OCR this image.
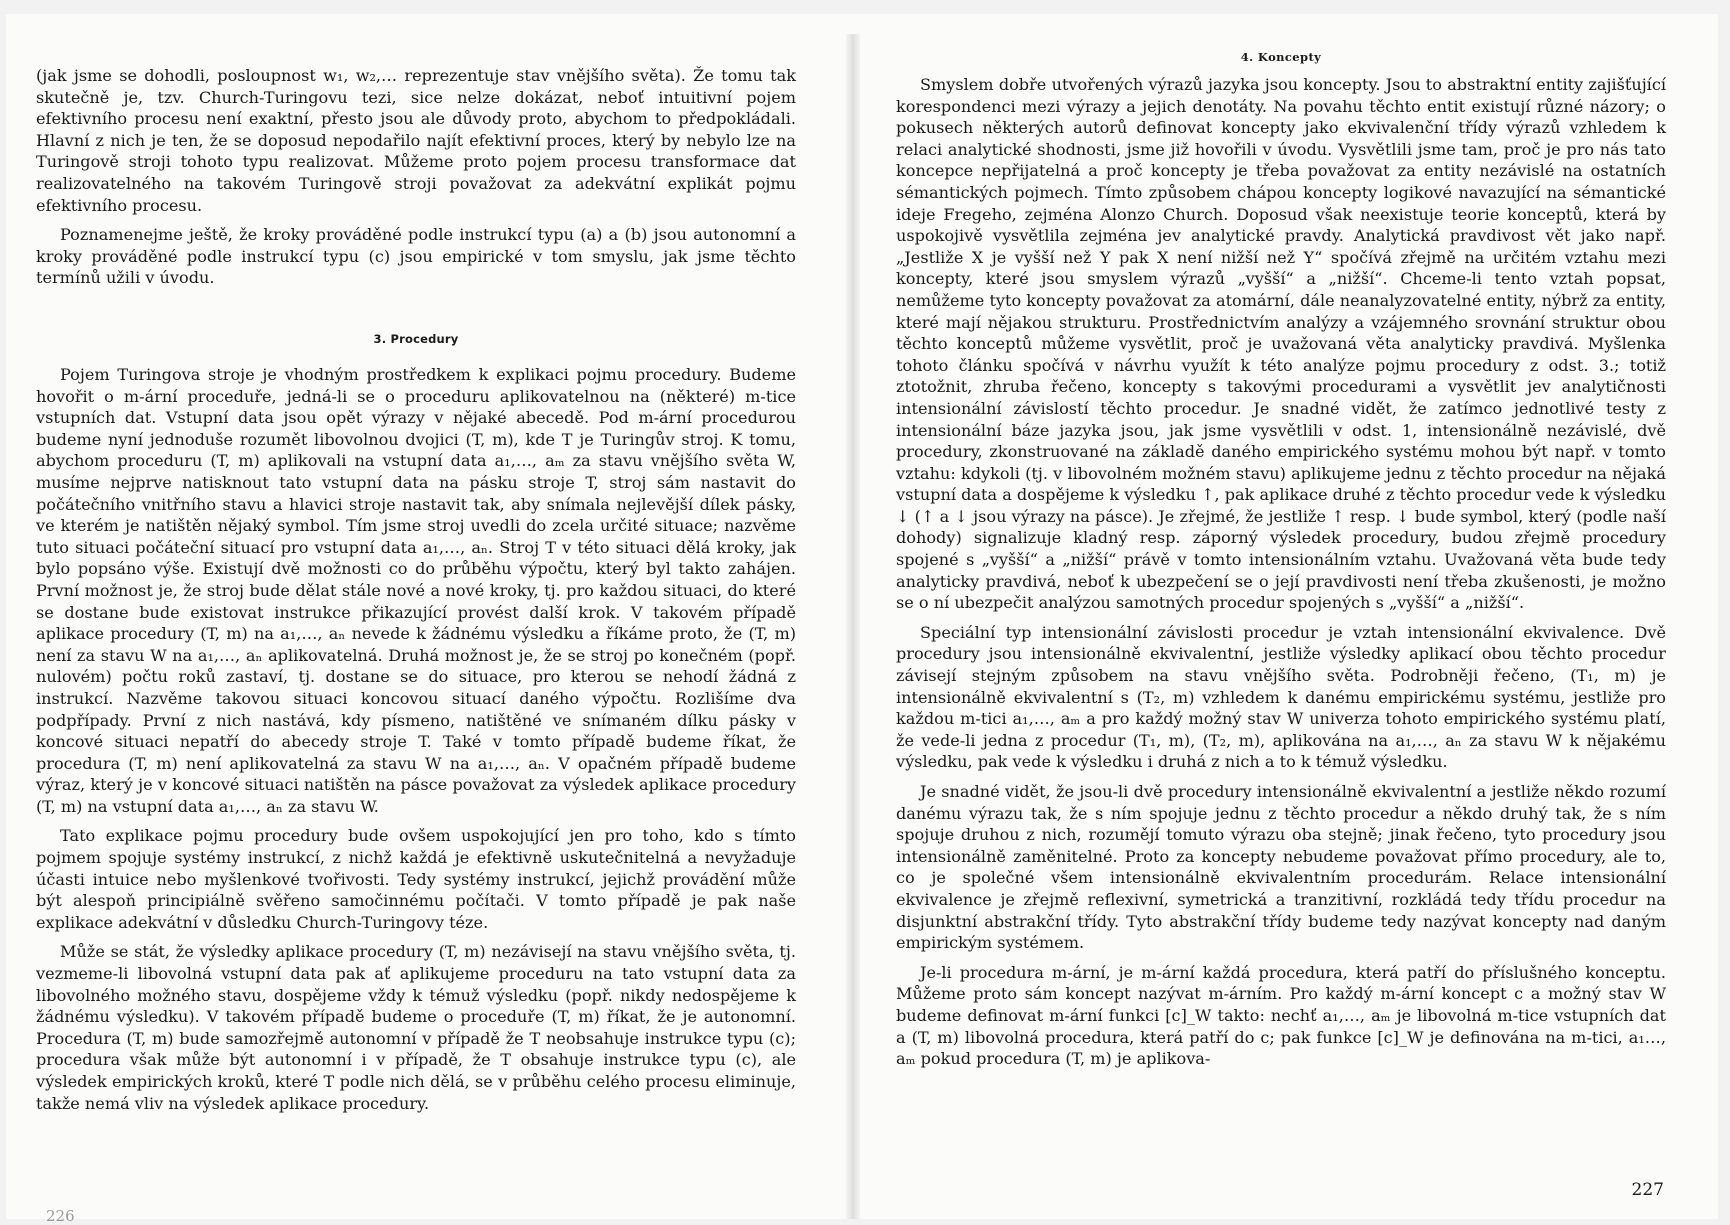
(jak jsme se dohodli, posloupnost w₁, w₂,… reprezentuje stav vnějšího světa). Že tomu tak skutečně je, tzv. Church-Turingovu tezi, sice nelze dokázat, neboť intuitivní pojem efektivního procesu není exaktní, přesto jsou ale důvody proto, abychom to předpokládali. Hlavní z nich je ten, že se doposud nepodařilo najít efektivní proces, který by nebylo lze na Turingově stroji tohoto typu realizovat. Můžeme proto pojem procesu transformace dat realizovatelného na takovém Turingově stroji považovat za adekvátní explikát pojmu efektivního procesu.

Poznamenejme ještě, že kroky prováděné podle instrukcí typu (a) a (b) jsou autonomní a kroky prováděné podle instrukcí typu (c) jsou empirické v tom smyslu, jak jsme těchto termínů užili v úvodu.

3. Procedury

Pojem Turingova stroje je vhodným prostředkem k explikaci pojmu procedury. Budeme hovořit o m-ární proceduře, jedná-li se o proceduru aplikovatelnou na (některé) m-tice vstupních dat. Vstupní data jsou opět výrazy v nějaké abecedě. Pod m-ární procedurou budeme nyní jednoduše rozumět libovolnou dvojici (T, m), kde T je Turingův stroj. K tomu, abychom proceduru (T, m) aplikovali na vstupní data a₁,…, aₘ za stavu vnějšího světa W, musíme nejprve natisknout tato vstupní data na pásku stroje T, stroj sám nastavit do počátečního vnitřního stavu a hlavici stroje nastavit tak, aby snímala nejlevější dílek pásky, ve kterém je natištěn nějaký symbol. Tím jsme stroj uvedli do zcela určité situace; nazvěme tuto situaci počáteční situací pro vstupní data a₁,…, aₙ. Stroj T v této situaci dělá kroky, jak bylo popsáno výše. Existují dvě možnosti co do průběhu výpočtu, který byl takto zahájen. První možnost je, že stroj bude dělat stále nové a nové kroky, tj. pro každou situaci, do které se dostane bude existovat instrukce přikazující provést další krok. V takovém případě aplikace procedury (T, m) na a₁,…, aₙ nevede k žádnému výsledku a říkáme proto, že (T, m) není za stavu W na a₁,…, aₙ aplikovatelná. Druhá možnost je, že se stroj po konečném (popř. nulovém) počtu roků zastaví, tj. dostane se do situace, pro kterou se nehodí žádná z instrukcí. Nazvěme takovou situaci koncovou situací daného výpočtu. Rozlišíme dva podpřípady. První z nich nastává, kdy písmeno, natištěné ve snímaném dílku pásky v koncové situaci nepatří do abecedy stroje T. Také v tomto případě budeme říkat, že procedura (T, m) není aplikovatelná za stavu W na a₁,…, aₙ. V opačném případě budeme výraz, který je v koncové situaci natištěn na pásce považovat za výsledek aplikace procedury (T, m) na vstupní data a₁,…, aₙ za stavu W.

Tato explikace pojmu procedury bude ovšem uspokojující jen pro toho, kdo s tímto pojmem spojuje systémy instrukcí, z nichž každá je efektivně uskutečnitelná a nevyžaduje účasti intuice nebo myšlenkové tvořivosti. Tedy systémy instrukcí, jejichž provádění může být alespoň principiálně svěřeno samočinnému počítači. V tomto případě je pak naše explikace adekvátní v důsledku Church-Turingovy téze.

Může se stát, že výsledky aplikace procedury (T, m) nezávisejí na stavu vnějšího světa, tj. vezmeme-li libovolná vstupní data pak ať aplikujeme proceduru na tato vstupní data za libovolného možného stavu, dospějeme vždy k témuž výsledku (popř. nikdy nedospějeme k žádnému výsledku). V takovém případě budeme o proceduře (T, m) říkat, že je autonomní. Procedura (T, m) bude samozřejmě autonomní v případě že T neobsahuje instrukce typu (c); procedura však může být autonomní i v případě, že T obsahuje instrukce typu (c), ale výsledek empirických kroků, které T podle nich dělá, se v průběhu celého procesu eliminuje, takže nemá vliv na výsledek aplikace procedury.

226
4. Koncepty

Smyslem dobře utvořených výrazů jazyka jsou koncepty. Jsou to abstraktní entity zajišťující korespondenci mezi výrazy a jejich denotáty. Na povahu těchto entit existují různé názory; o pokusech některých autorů definovat koncepty jako ekvivalenční třídy výrazů vzhledem k relaci analytické shodnosti, jsme již hovořili v úvodu. Vysvětlili jsme tam, proč je pro nás tato koncepce nepřijatelná a proč koncepty je třeba považovat za entity nezávislé na ostatních sémantických pojmech. Tímto způsobem chápou koncepty logikové navazující na sémantické ideje Fregeho, zejména Alonzo Church. Doposud však neexistuje teorie konceptů, která by uspokojivě vysvětlila zejména jev analytické pravdy. Analytická pravdivost vět jako např. „Jestliže X je vyšší než Y pak X není nižší než Y“ spočívá zřejmě na určitém vztahu mezi koncepty, které jsou smyslem výrazů „vyšší“ a „nižší“. Chceme-li tento vztah popsat, nemůžeme tyto koncepty považovat za atomární, dále neanalyzovatelné entity, nýbrž za entity, které mají nějakou strukturu. Prostřednictvím analýzy a vzájemného srovnání struktur obou těchto konceptů můžeme vysvětlit, proč je uvažovaná věta analyticky pravdivá. Myšlenka tohoto článku spočívá v návrhu využít k této analýze pojmu procedury z odst. 3.; totiž ztotožnit, zhruba řečeno, koncepty s takovými procedurami a vysvětlit jev analytičnosti intensionální závislostí těchto procedur. Je snadné vidět, že zatímco jednotlivé testy z intensionální báze jazyka jsou, jak jsme vysvětlili v odst. 1, intensionálně nezávislé, dvě procedury, zkonstruované na základě daného empirického systému mohou být např. v tomto vztahu: kdykoli (tj. v libovolném možném stavu) aplikujeme jednu z těchto procedur na nějaká vstupní data a dospějeme k výsledku ↑, pak aplikace druhé z těchto procedur vede k výsledku ↓ (↑ a ↓ jsou výrazy na pásce). Je zřejmé, že jestliže ↑ resp. ↓ bude symbol, který (podle naší dohody) signalizuje kladný resp. záporný výsledek procedury, budou zřejmě procedury spojené s „vyšší“ a „nižší“ právě v tomto intensionálním vztahu. Uvažovaná věta bude tedy analyticky pravdivá, neboť k ubezpečení se o její pravdivosti není třeba zkušenosti, je možno se o ní ubezpečit analýzou samotných procedur spojených s „vyšší“ a „nižší“.

Speciální typ intensionální závislosti procedur je vztah intensionální ekvivalence. Dvě procedury jsou intensionálně ekvivalentní, jestliže výsledky aplikací obou těchto procedur závisejí stejným způsobem na stavu vnějšího světa. Podrobněji řečeno, (T₁, m) je intensionálně ekvivalentní s (T₂, m) vzhledem k danému empirickému systému, jestliže pro každou m-tici a₁,…, aₘ a pro každý možný stav W univerza tohoto empirického systému platí, že vede-li jedna z procedur (T₁, m), (T₂, m), aplikována na a₁,…, aₙ za stavu W k nějakému výsledku, pak vede k výsledku i druhá z nich a to k témuž výsledku.

Je snadné vidět, že jsou-li dvě procedury intensionálně ekvivalentní a jestliže někdo rozumí danému výrazu tak, že s ním spojuje jednu z těchto procedur a někdo druhý tak, že s ním spojuje druhou z nich, rozumějí tomuto výrazu oba stejně; jinak řečeno, tyto procedury jsou intensionálně zaměnitelné. Proto za koncepty nebudeme považovat přímo procedury, ale to, co je společné všem intensionálně ekvivalentním procedurám. Relace intensionální ekvivalence je zřejmě reflexivní, symetrická a tranzitivní, rozkládá tedy třídu procedur na disjunktní abstrakční třídy. Tyto abstrakční třídy budeme tedy nazývat koncepty nad daným empirickým systémem.

Je-li procedura m-ární, je m-ární každá procedura, která patří do příslušného konceptu. Můžeme proto sám koncept nazývat m-árním. Pro každý m-ární koncept c a možný stav W budeme definovat m-ární funkci [c]_W takto: nechť a₁,…, aₘ je libovolná m-tice vstupních dat a (T, m) libovolná procedura, která patří do c; pak funkce [c]_W je definována na m-tici, a₁…, aₘ pokud procedura (T, m) je aplikova-

227
